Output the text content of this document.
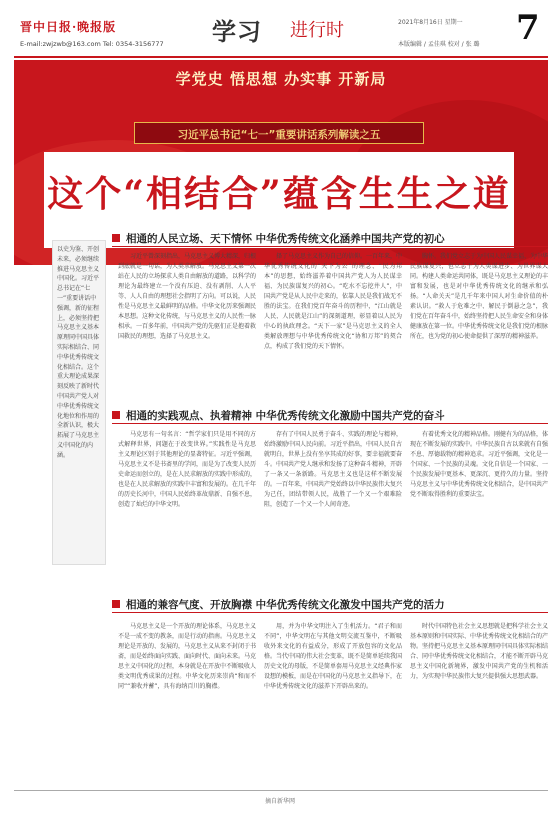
晋中日报·晚报版
E-mail:zwjzwb@163.com Tel: 0354-3156777 学习 进行时	2021年8月16日 星期一
本版编辑 / 孟佳琪 校对 / 张 璐 7
学党史 悟思想 办实事 开新局
习近平总书记“七一”重要讲话系列解读之五
这个“相结合”蕴含生生之道
以史为鉴、开创未来，必须继续推进马克思主义中国化。习近平总书记在“七一”重要讲话中强调，新的征程上，必须坚持把马克思主义基本原理同中国具体实际相结合、同中华优秀传统文化相结合。这个重大理论成果深刻反映了新时代中国共产党人对中华优秀传统文化地位和作用的全新认识，极大拓展了马克思主义中国化的内涵。
相通的人民立场、天下情怀 中华优秀传统文化涵养中国共产党的初心

习近平曾深刻指出，马克思主义博大精深，归根到底就是一句话，为人类求解放。马克思主义第一次站在人民的立场探求人类自由解放的道路，以科学的理论为最终建立一个没有压迫、没有剥削、人人平等、人人自由的理想社会指明了方向。可以说，人民性是马克思主义最鲜明的品格。中华文化历来强调民本思想。这种文化传统，与马克思主义的人民性一脉相承。一百多年前，中国共产党的先驱们正是抱着救国救民的理想，选择了马克思主义。

择了马克思主义作为自己的信仰。一百年来，中华优秀传统文化的“天下为公”的理念、“民为邦本”的思想，始终滋养着中国共产党人为人民谋幸福、为民族谋复兴的初心。“吃水不忘挖井人”，中国共产党是从人民中走来的，依靠人民是我们战无不胜的法宝。在我们党百年奋斗的历程中，“江山就是人民、人民就是江山”的深刻道理，彰显着以人民为中心的执政理念。“天下一家”是马克思主义的全人类解放理想与中华优秀传统文化“协和万邦”的契合点，构成了我们党的天下情怀。

胸怀。我们党立志于为中国人民谋幸福、为中华民族谋复兴，也立志于为人类谋进步、为世界谋大同。构建人类命运共同体，既是马克思主义理论的丰富和发展，也是对中华优秀传统文化的继承和弘扬。“人命关天”是几千年来中国人对生命价值的朴素认识。“救人于危难之中、解民于倒悬之急”，我们党在百年奋斗中，始终坚持把人民生命安全和身体健康放在第一位。中华优秀传统文化是我们党的根脉所在，也为党的初心使命提供了深厚的精神滋养。

相通的实践观点、执着精神 中华优秀传统文化激励中国共产党的奋斗

马克思有一句名言：“哲学家们只是用不同的方式解释世界，问题在于改变世界。”实践性是马克思主义理论区别于其他理论的显著特征。习近平强调，马克思主义不是书斋里的学问，而是为了改变人民历史命运而创立的，是在人民求解放的实践中形成的，也是在人民求解放的实践中丰富和发展的。在几千年的历史长河中，中国人民始终革故鼎新、自强不息，创造了灿烂的中华文明。

存有了中国人民勇于奋斗、实践的理论与精神，始终激励中国人民向前。习近平指出，中国人民自古就明白，世界上没有坐享其成的好事，要幸福就要奋斗。中国共产党人继承和发扬了这种奋斗精神，开辟了一条又一条新路。马克思主义也是这样不断发展的。一百年来，中国共产党始终以中华民族伟大复兴为己任，团结带领人民，战胜了一个又一个艰难险阻，创造了一个又一个人间奇迹。

有着优秀文化的精神品格。刚健有为的品格，体现在不断发展的实践中。中华民族自古以来就有自强不息、厚德载物的精神追求。习近平强调，文化是一个国家、一个民族的灵魂。文化自信是一个国家、一个民族发展中更基本、更深沉、更持久的力量。坚持马克思主义与中华优秀传统文化相结合，是中国共产党不断取得胜利的重要法宝。

相通的兼容气度、开放胸襟 中华优秀传统文化激发中国共产党的活力

马克思主义是一个开放的理论体系，马克思主义不是一成不变的教条，而是行动的指南。马克思主义理论是开放的、发展的，马克思主义从来不封闭于书斋，而是始终面向实践、面向时代、面向未来。马克思主义中国化的过程，本身就是在开放中不断吸收人类文明优秀成果的过程。中华文化历来崇尚“和而不同”“兼收并蓄”，具有海纳百川的胸襟。

用，并为中华文明注入了生机活力。“君子和而不同”，中华文明在与其他文明交流互鉴中，不断吸收外来文化的有益成分，形成了开放包容的文化品格。当代中国的伟大社会变革，既不是简单延续我国历史文化的母版，不是简单套用马克思主义经典作家设想的模板，而是在中国化的马克思主义指导下，在中华优秀传统文化的滋养下开辟出来的。

时代中国特色社会主义思想就是把科学社会主义基本原则和中国实际、中华优秀传统文化相结合的产物。坚持把马克思主义基本原理同中国具体实际相结合、同中华优秀传统文化相结合，才能不断开辟马克思主义中国化新境界，激发中国共产党的生机和活力，为实现中华民族伟大复兴提供强大思想武器。

摘自新华网
